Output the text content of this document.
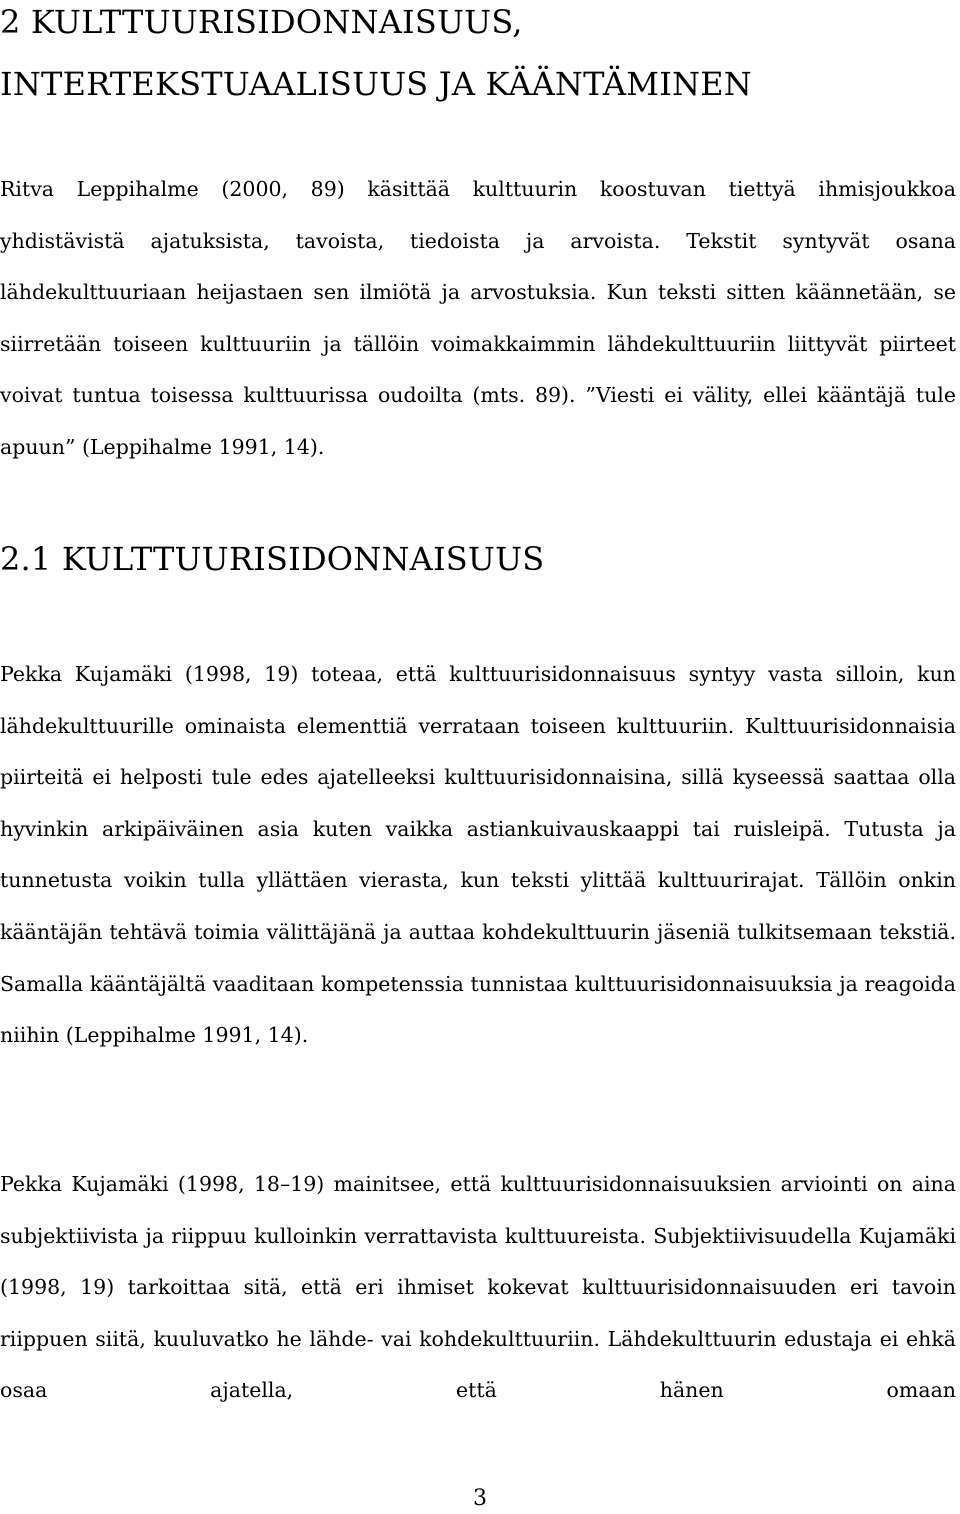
2 KULTTUURISIDONNAISUUS,
INTERTEKSTUAALISUUS JA KÄÄNTÄMINEN

Ritva Leppihalme (2000, 89) käsittää kulttuurin koostuvan tiettyä ihmisjoukkoa yhdistävistä ajatuksista, tavoista, tiedoista ja arvoista. Tekstit syntyvät osana lähdekulttuuriaan heijastaen sen ilmiötä ja arvostuksia. Kun teksti sitten käännetään, se siirretään toiseen kulttuuriin ja tällöin voimakkaimmin lähdekulttuuriin liittyvät piirteet voivat tuntua toisessa kulttuurissa oudoilta (mts. 89). ”Viesti ei välity, ellei kääntäjä tule apuun” (Leppihalme 1991, 14).

2.1 KULTTUURISIDONNAISUUS

Pekka Kujamäki (1998, 19) toteaa, että kulttuurisidonnaisuus syntyy vasta silloin, kun lähdekulttuurille ominaista elementtiä verrataan toiseen kulttuuriin. Kulttuurisidonnaisia piirteitä ei helposti tule edes ajatelleeksi kulttuurisidonnaisina, sillä kyseessä saattaa olla hyvinkin arkipäiväinen asia kuten vaikka astiankuivauskaappi tai ruisleipä. Tutusta ja tunnetusta voikin tulla yllättäen vierasta, kun teksti ylittää kulttuurirajat. Tällöin onkin kääntäjän tehtävä toimia välittäjänä ja auttaa kohdekulttuurin jäseniä tulkitsemaan tekstiä. Samalla kääntäjältä vaaditaan kompetenssia tunnistaa kulttuurisidonnaisuuksia ja reagoida niihin (Leppihalme 1991, 14).

Pekka Kujamäki (1998, 18–19) mainitsee, että kulttuurisidonnaisuuksien arviointi on aina subjektiivista ja riippuu kulloinkin verrattavista kulttuureista. Subjektiivisuudella Kujamäki (1998, 19) tarkoittaa sitä, että eri ihmiset kokevat kulttuurisidonnaisuuden eri tavoin riippuen siitä, kuuluvatko he lähde- vai kohdekulttuuriin. Lähdekulttuurin edustaja ei ehkä osaa ajatella, että hänen omaan

3
